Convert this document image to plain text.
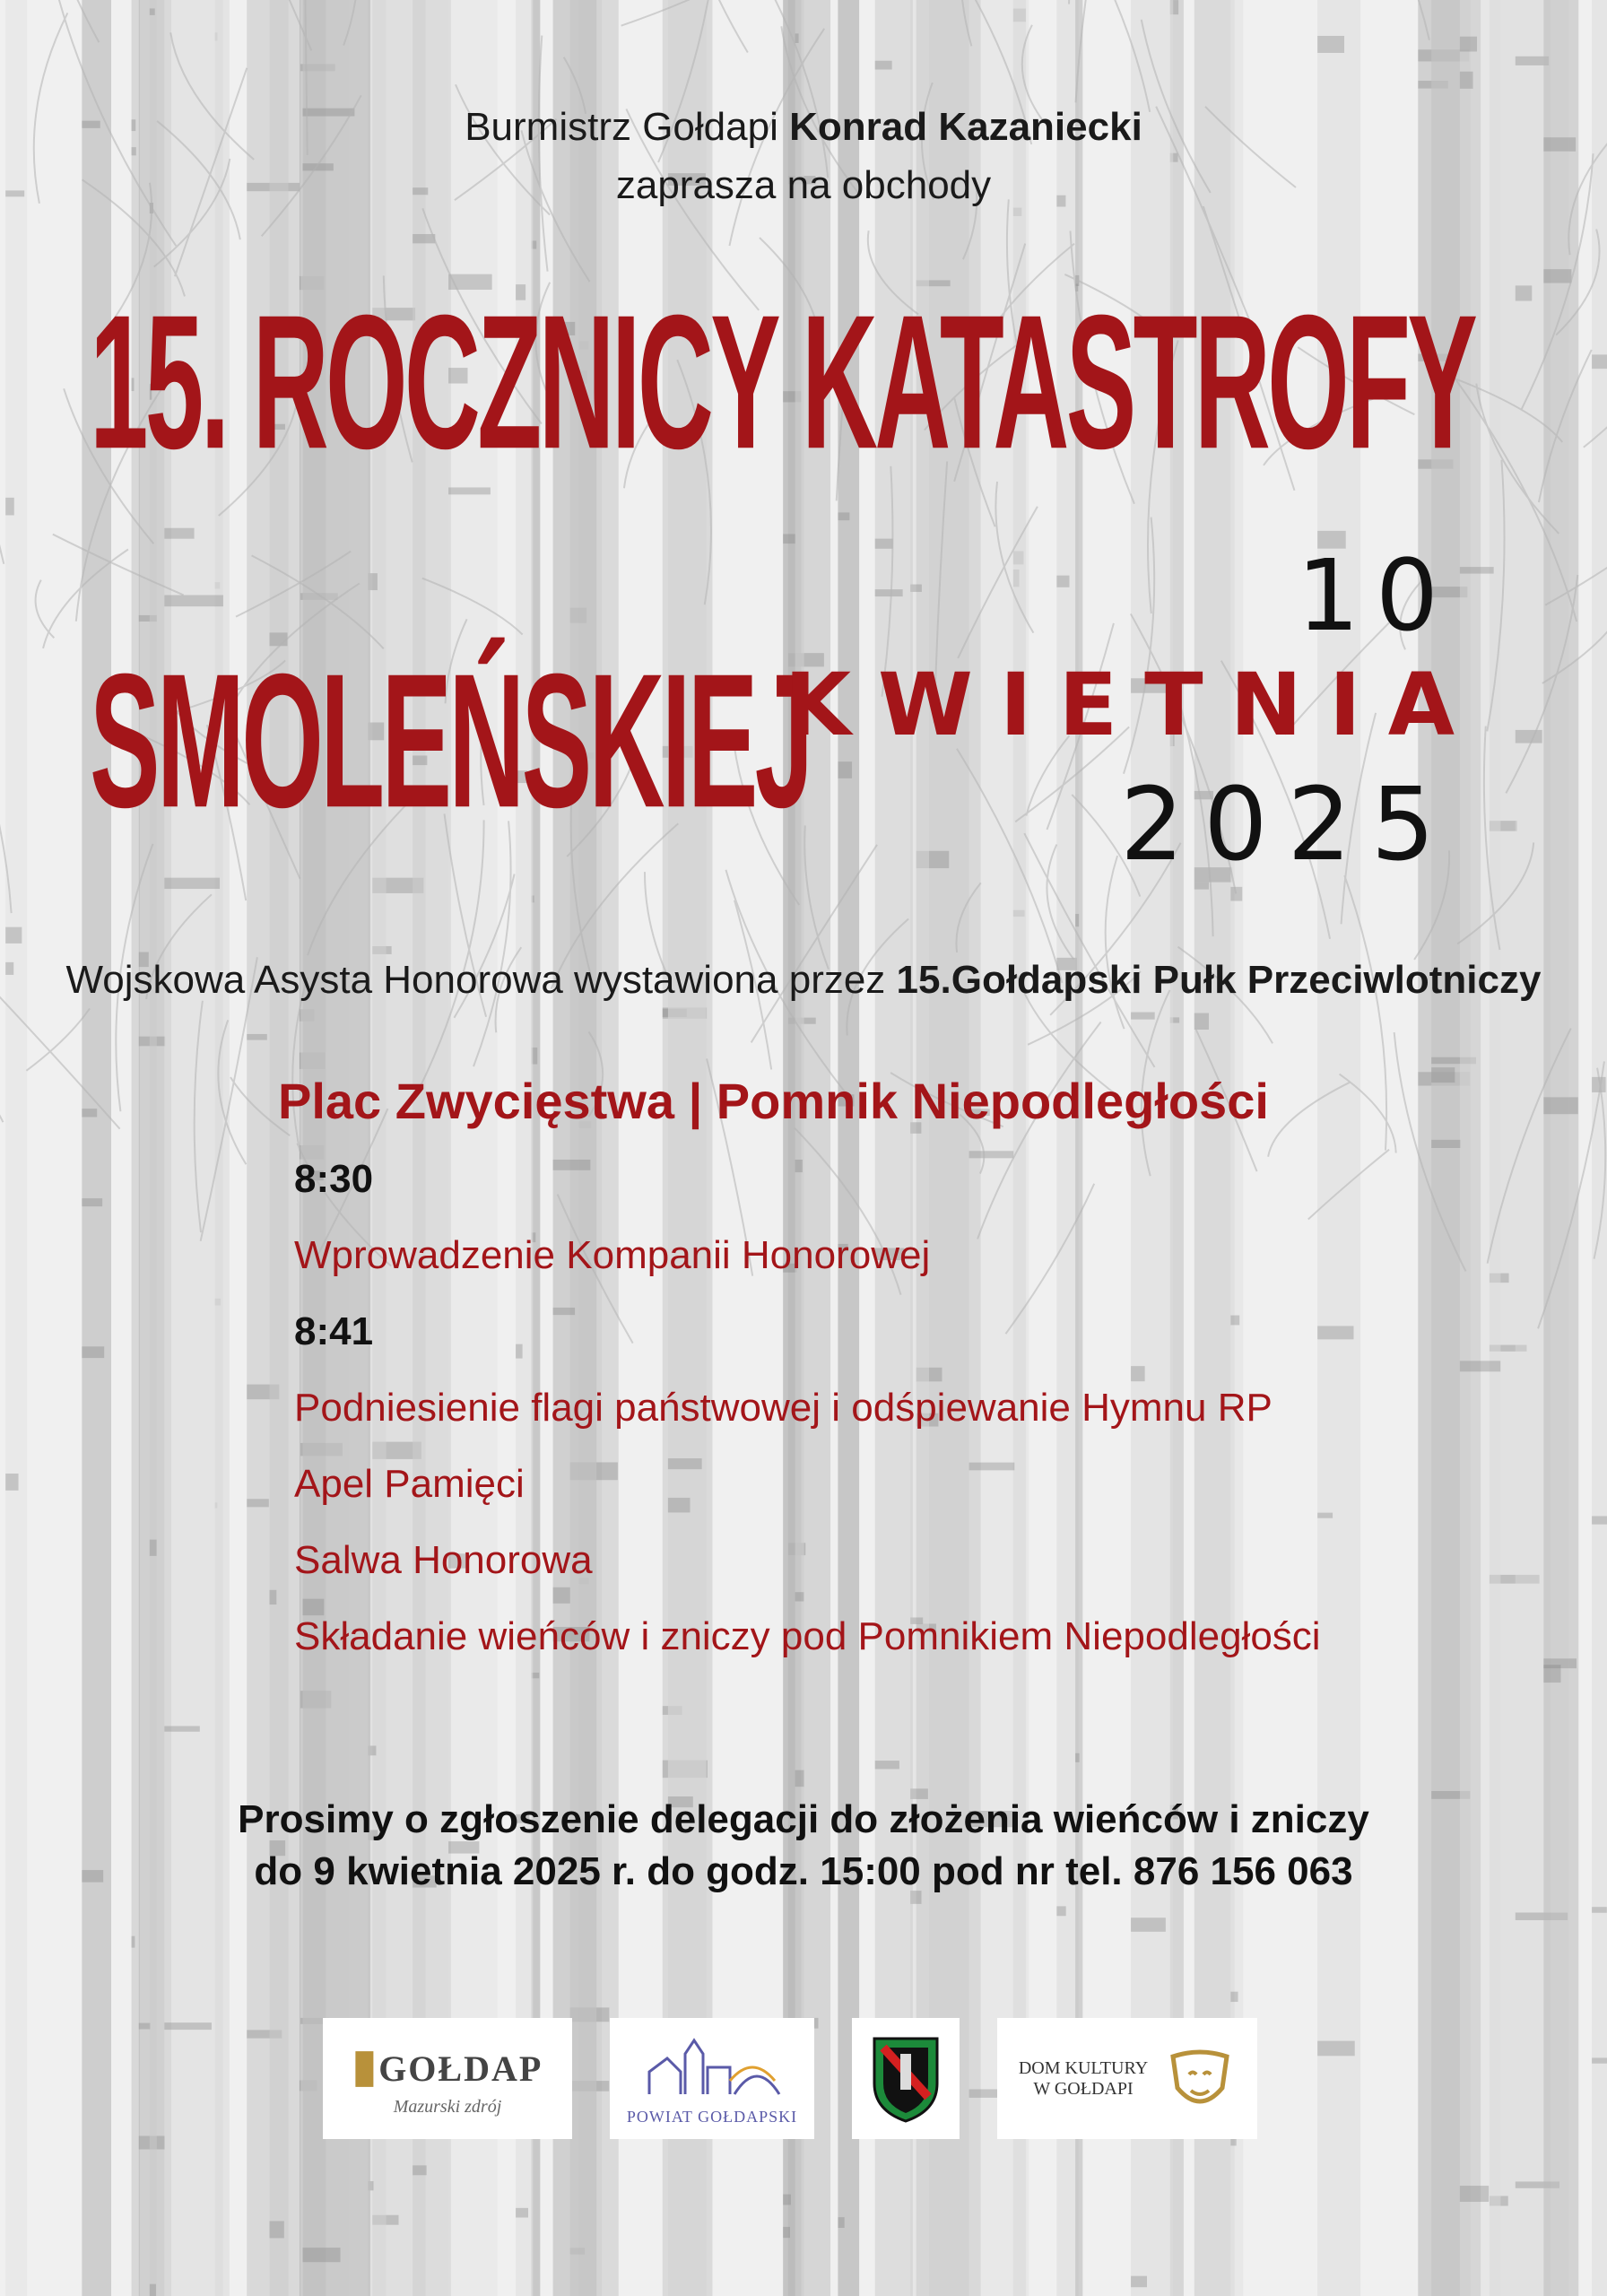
Burmistrz Gołdapi Konrad Kazaniecki
zaprasza na obchody
15. ROCZNICY KATASTROFY
SMOLEŃSKIEJ
10
KWIETNIA
2025
Wojskowa Asysta Honorowa wystawiona przez 15.Gołdapski Pułk Przeciwlotniczy
Plac Zwycięstwa | Pomnik Niepodległości
8:30
Wprowadzenie Kompanii Honorowej
8:41
Podniesienie flagi państwowej i odśpiewanie Hymnu RP
Apel Pamięci
Salwa Honorowa
Składanie wieńców i zniczy pod Pomnikiem Niepodległości
Prosimy o zgłoszenie delegacji do złożenia wieńców i zniczy
do 9 kwietnia 2025 r. do godz. 15:00 pod nr tel. 876 156 063
▮GOŁDAP
Mazurski zdrój	POWIAT GOŁDAPSKI
DOM KULTURY
W GOŁDAPI
